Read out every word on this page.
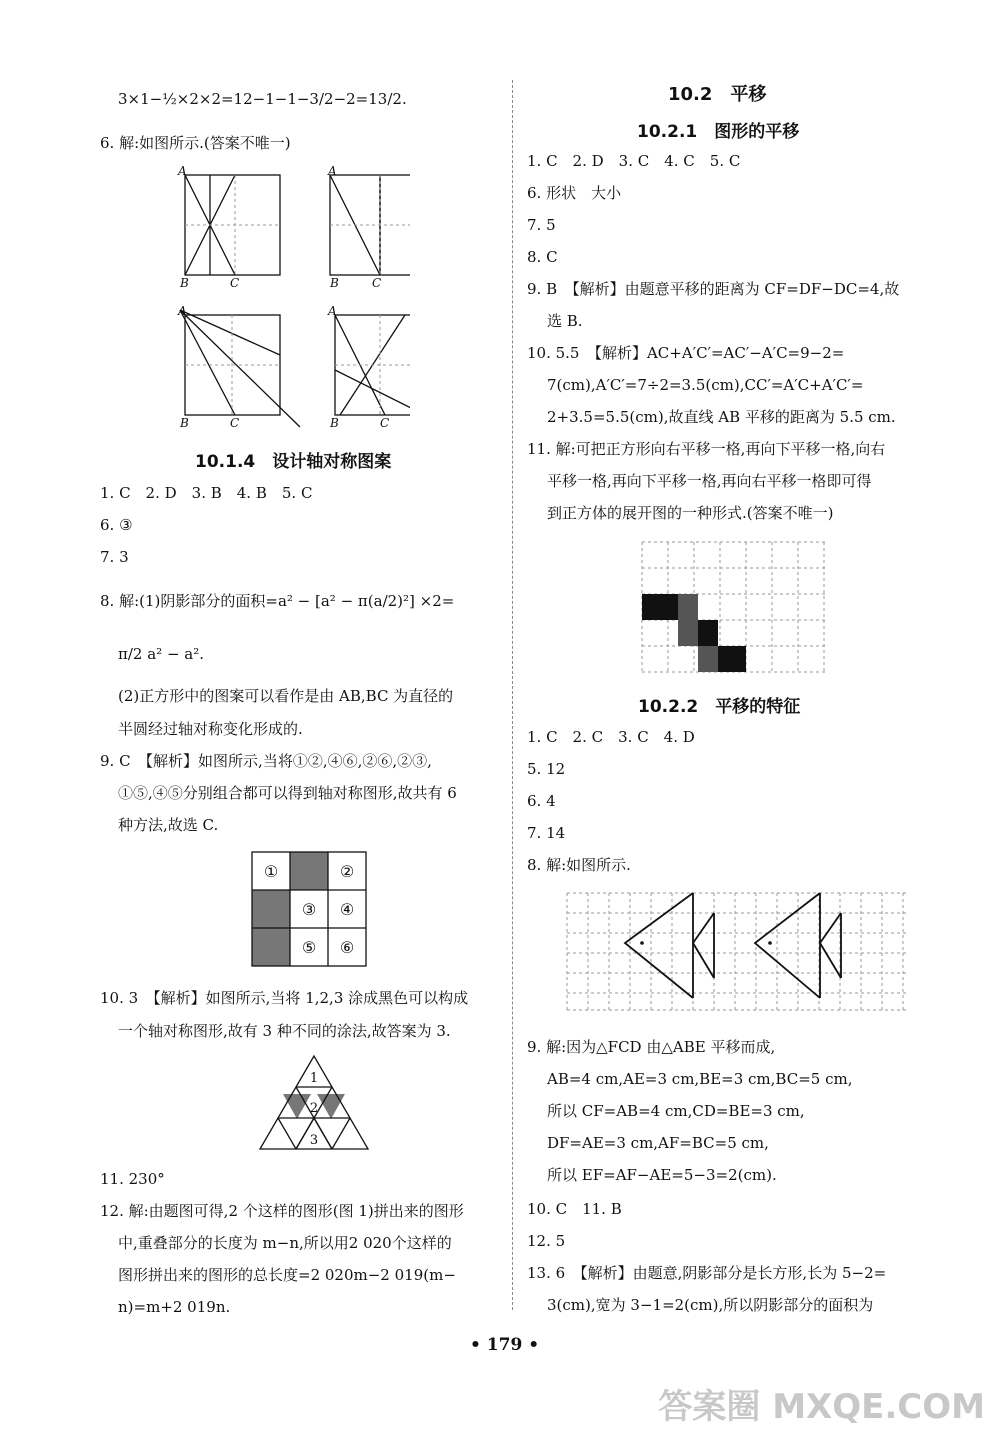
3×1−½×2×2=12−1−1−3/2−2=13/2.
6. 解:如图所示.(答案不唯一)
A
B	C
A
B	C
A
B	C
A
B	C
10.1.4　设计轴对称图案
1. C　2. D　3. B　4. B　5. C
6. ③
7. 3
8. 解:(1)阴影部分的面积=a² − [a² − π(a/2)²] ×2=
π/2 a² − a².
(2)正方形中的图案可以看作是由 AB,BC 为直径的
半圆经过轴对称变化形成的.
9. C　【解析】如图所示,当将①②,④⑥,②⑥,②③,
①⑤,④⑤分别组合都可以得到轴对称图形,故共有 6
种方法,故选 C.
①	②
③ ④
⑤ ⑥
10. 3　【解析】如图所示,当将 1,2,3 涂成黑色可以构成
一个轴对称图形,故有 3 种不同的涂法,故答案为 3.
1
2
3
11. 230°
12. 解:由题图可得,2 个这样的图形(图 1)拼出来的图形
中,重叠部分的长度为 m−n,所以用2 020个这样的
图形拼出来的图形的总长度=2 020m−2 019(m−
n)=m+2 019n.
10.2　平移
10.2.1　图形的平移
1. C　2. D　3. C　4. C　5. C
6. 形状　大小
7. 5
8. C
9. B　【解析】由题意平移的距离为 CF=DF−DC=4,故
选 B.
10. 5.5　【解析】AC+A′C′=AC′−A′C=9−2=
7(cm),A′C′=7÷2=3.5(cm),CC′=A′C+A′C′=
2+3.5=5.5(cm),故直线 AB 平移的距离为 5.5 cm.
11. 解:可把正方形向右平移一格,再向下平移一格,向右
平移一格,再向下平移一格,再向右平移一格即可得
到正方体的展开图的一种形式.(答案不唯一)
10.2.2　平移的特征
1. C　2. C　3. C　4. D
5. 12
6. 4
7. 14
8. 解:如图所示.
9. 解:因为△FCD 由△ABE 平移而成,
AB=4 cm,AE=3 cm,BE=3 cm,BC=5 cm,
所以 CF=AB=4 cm,CD=BE=3 cm,
DF=AE=3 cm,AF=BC=5 cm,
所以 EF=AF−AE=5−3=2(cm).
10. C　11. B
12. 5
13. 6　【解析】由题意,阴影部分是长方形,长为 5−2=
3(cm),宽为 3−1=2(cm),所以阴影部分的面积为
• 179 •
答案圈 MXQE.COM
